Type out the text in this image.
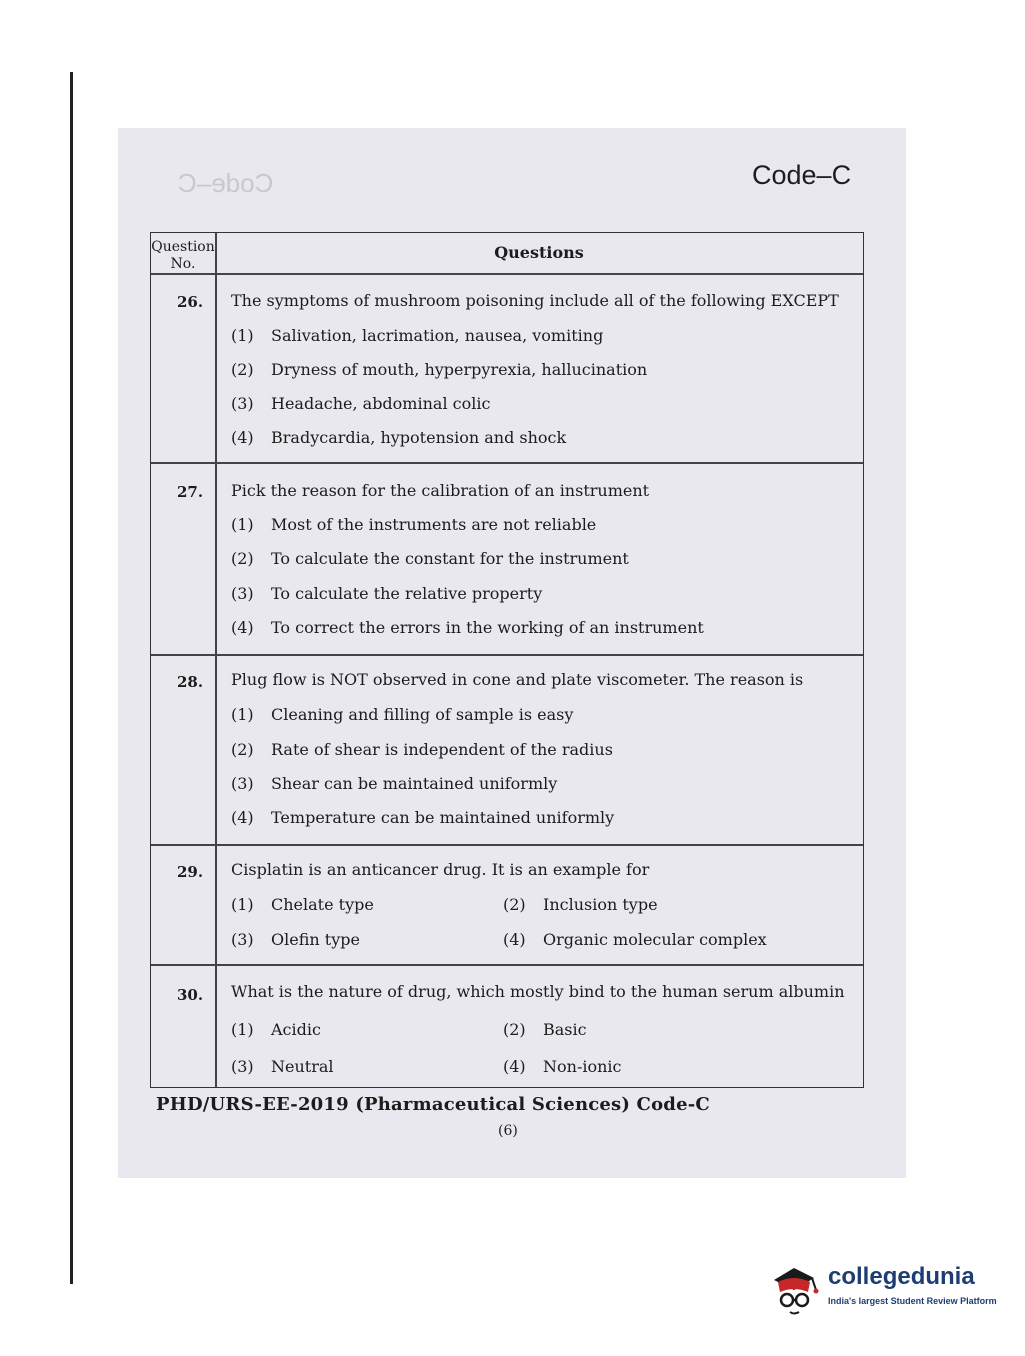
Code–C	Code–C
Question No.
Questions
26. The symptoms of mushroom poisoning include all of the following EXCEPT
(1) Salivation, lacrimation, nausea, vomiting
(2) Dryness of mouth, hyperpyrexia, hallucination
(3) Headache, abdominal colic
(4) Bradycardia, hypotension and shock
27. Pick the reason for the calibration of an instrument
(1) Most of the instruments are not reliable
(2) To calculate the constant for the instrument
(3) To calculate the relative property
(4) To correct the errors in the working of an instrument
28. Plug flow is NOT observed in cone and plate viscometer. The reason is
(1) Cleaning and filling of sample is easy
(2) Rate of shear is independent of the radius
(3) Shear can be maintained uniformly
(4) Temperature can be maintained uniformly
29. Cisplatin is an anticancer drug. It is an example for
(1) Chelate type	(2) Inclusion type
(3) Olefin type	(4) Organic molecular complex
30. What is the nature of drug, which mostly bind to the human serum albumin
(1) Acidic	(2) Basic
(3) Neutral	(4) Non-ionic
PHD/URS-EE-2019 (Pharmaceutical Sciences) Code-C
(6)
collegedunia
India's largest Student Review Platform
